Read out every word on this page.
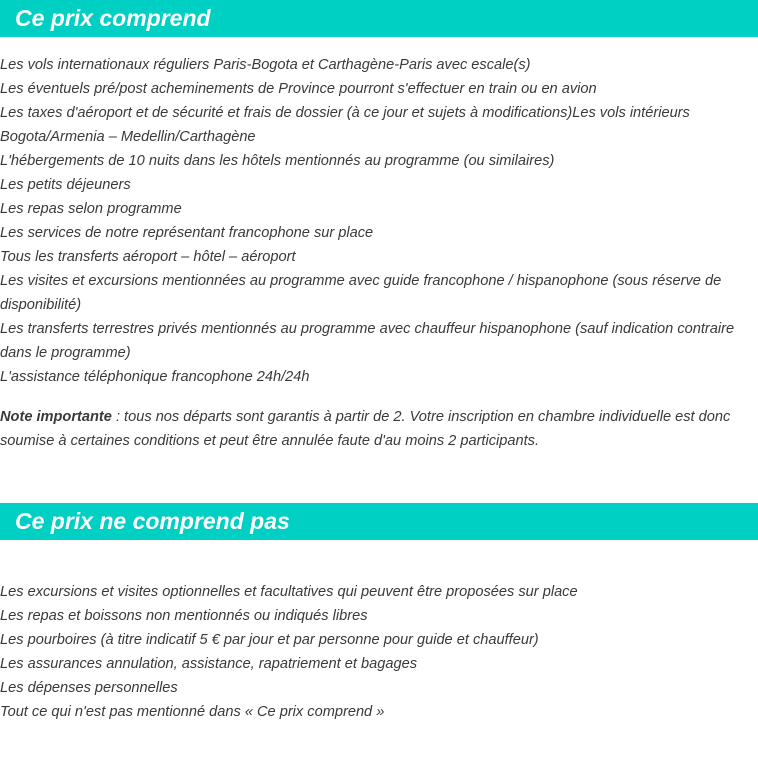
Ce prix comprend
Les vols internationaux réguliers Paris-Bogota et Carthagène-Paris avec escale(s)
Les éventuels pré/post acheminements de Province pourront s'effectuer en train ou en avion
Les taxes d'aéroport et de sécurité et frais de dossier (à ce jour et sujets à modifications)Les vols intérieurs Bogota/Armenia – Medellin/Carthagène
L'hébergements de 10 nuits dans les hôtels mentionnés au programme (ou similaires)
Les petits déjeuners
Les repas selon programme
Les services de notre représentant francophone sur place
Tous les transferts aéroport – hôtel – aéroport
Les visites et excursions mentionnées au programme avec guide francophone / hispanophone (sous réserve de disponibilité)
Les transferts terrestres privés mentionnés au programme avec chauffeur hispanophone (sauf indication contraire dans le programme)
L'assistance téléphonique francophone 24h/24h

Note importante : tous nos départs sont garantis à partir de 2. Votre inscription en chambre individuelle est donc soumise à certaines conditions et peut être annulée faute d'au moins 2 participants.

Ce prix ne comprend pas
Les excursions et visites optionnelles et facultatives qui peuvent être proposées sur place
Les repas et boissons non mentionnés ou indiqués libres
Les pourboires (à titre indicatif 5 € par jour et par personne pour guide et chauffeur)
Les assurances annulation, assistance, rapatriement et bagages
Les dépenses personnelles
Tout ce qui n'est pas mentionné dans « Ce prix comprend »
